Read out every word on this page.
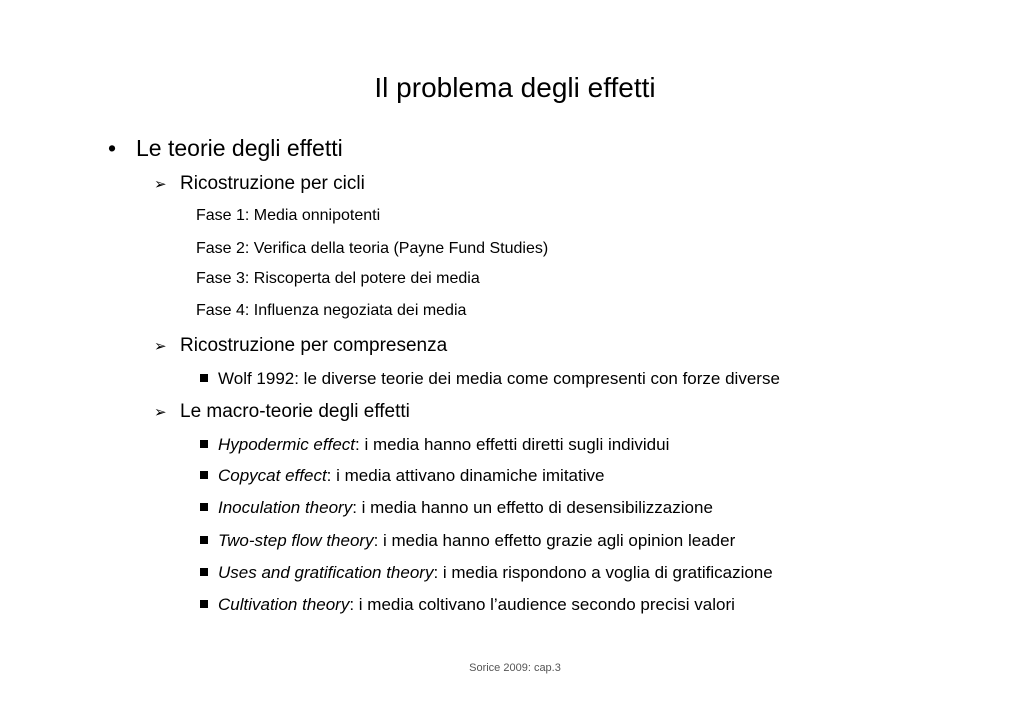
Il problema degli effetti
• Le teorie degli effetti
➢ Ricostruzione per cicli
Fase 1: Media onnipotenti
Fase 2: Verifica della teoria (Payne Fund Studies)
Fase 3: Riscoperta del potere dei media
Fase 4: Influenza negoziata dei media
➢ Ricostruzione per compresenza
Wolf 1992: le diverse teorie dei media come compresenti con forze diverse
➢ Le macro-teorie degli effetti
Hypodermic effect: i media hanno effetti diretti sugli individui
Copycat effect: i media attivano dinamiche imitative
Inoculation theory: i media hanno un effetto di desensibilizzazione
Two-step flow theory: i media hanno effetto grazie agli opinion leader
Uses and gratification theory: i media rispondono a voglia di gratificazione
Cultivation theory: i media coltivano l’audience secondo precisi valori
Sorice 2009: cap.3
